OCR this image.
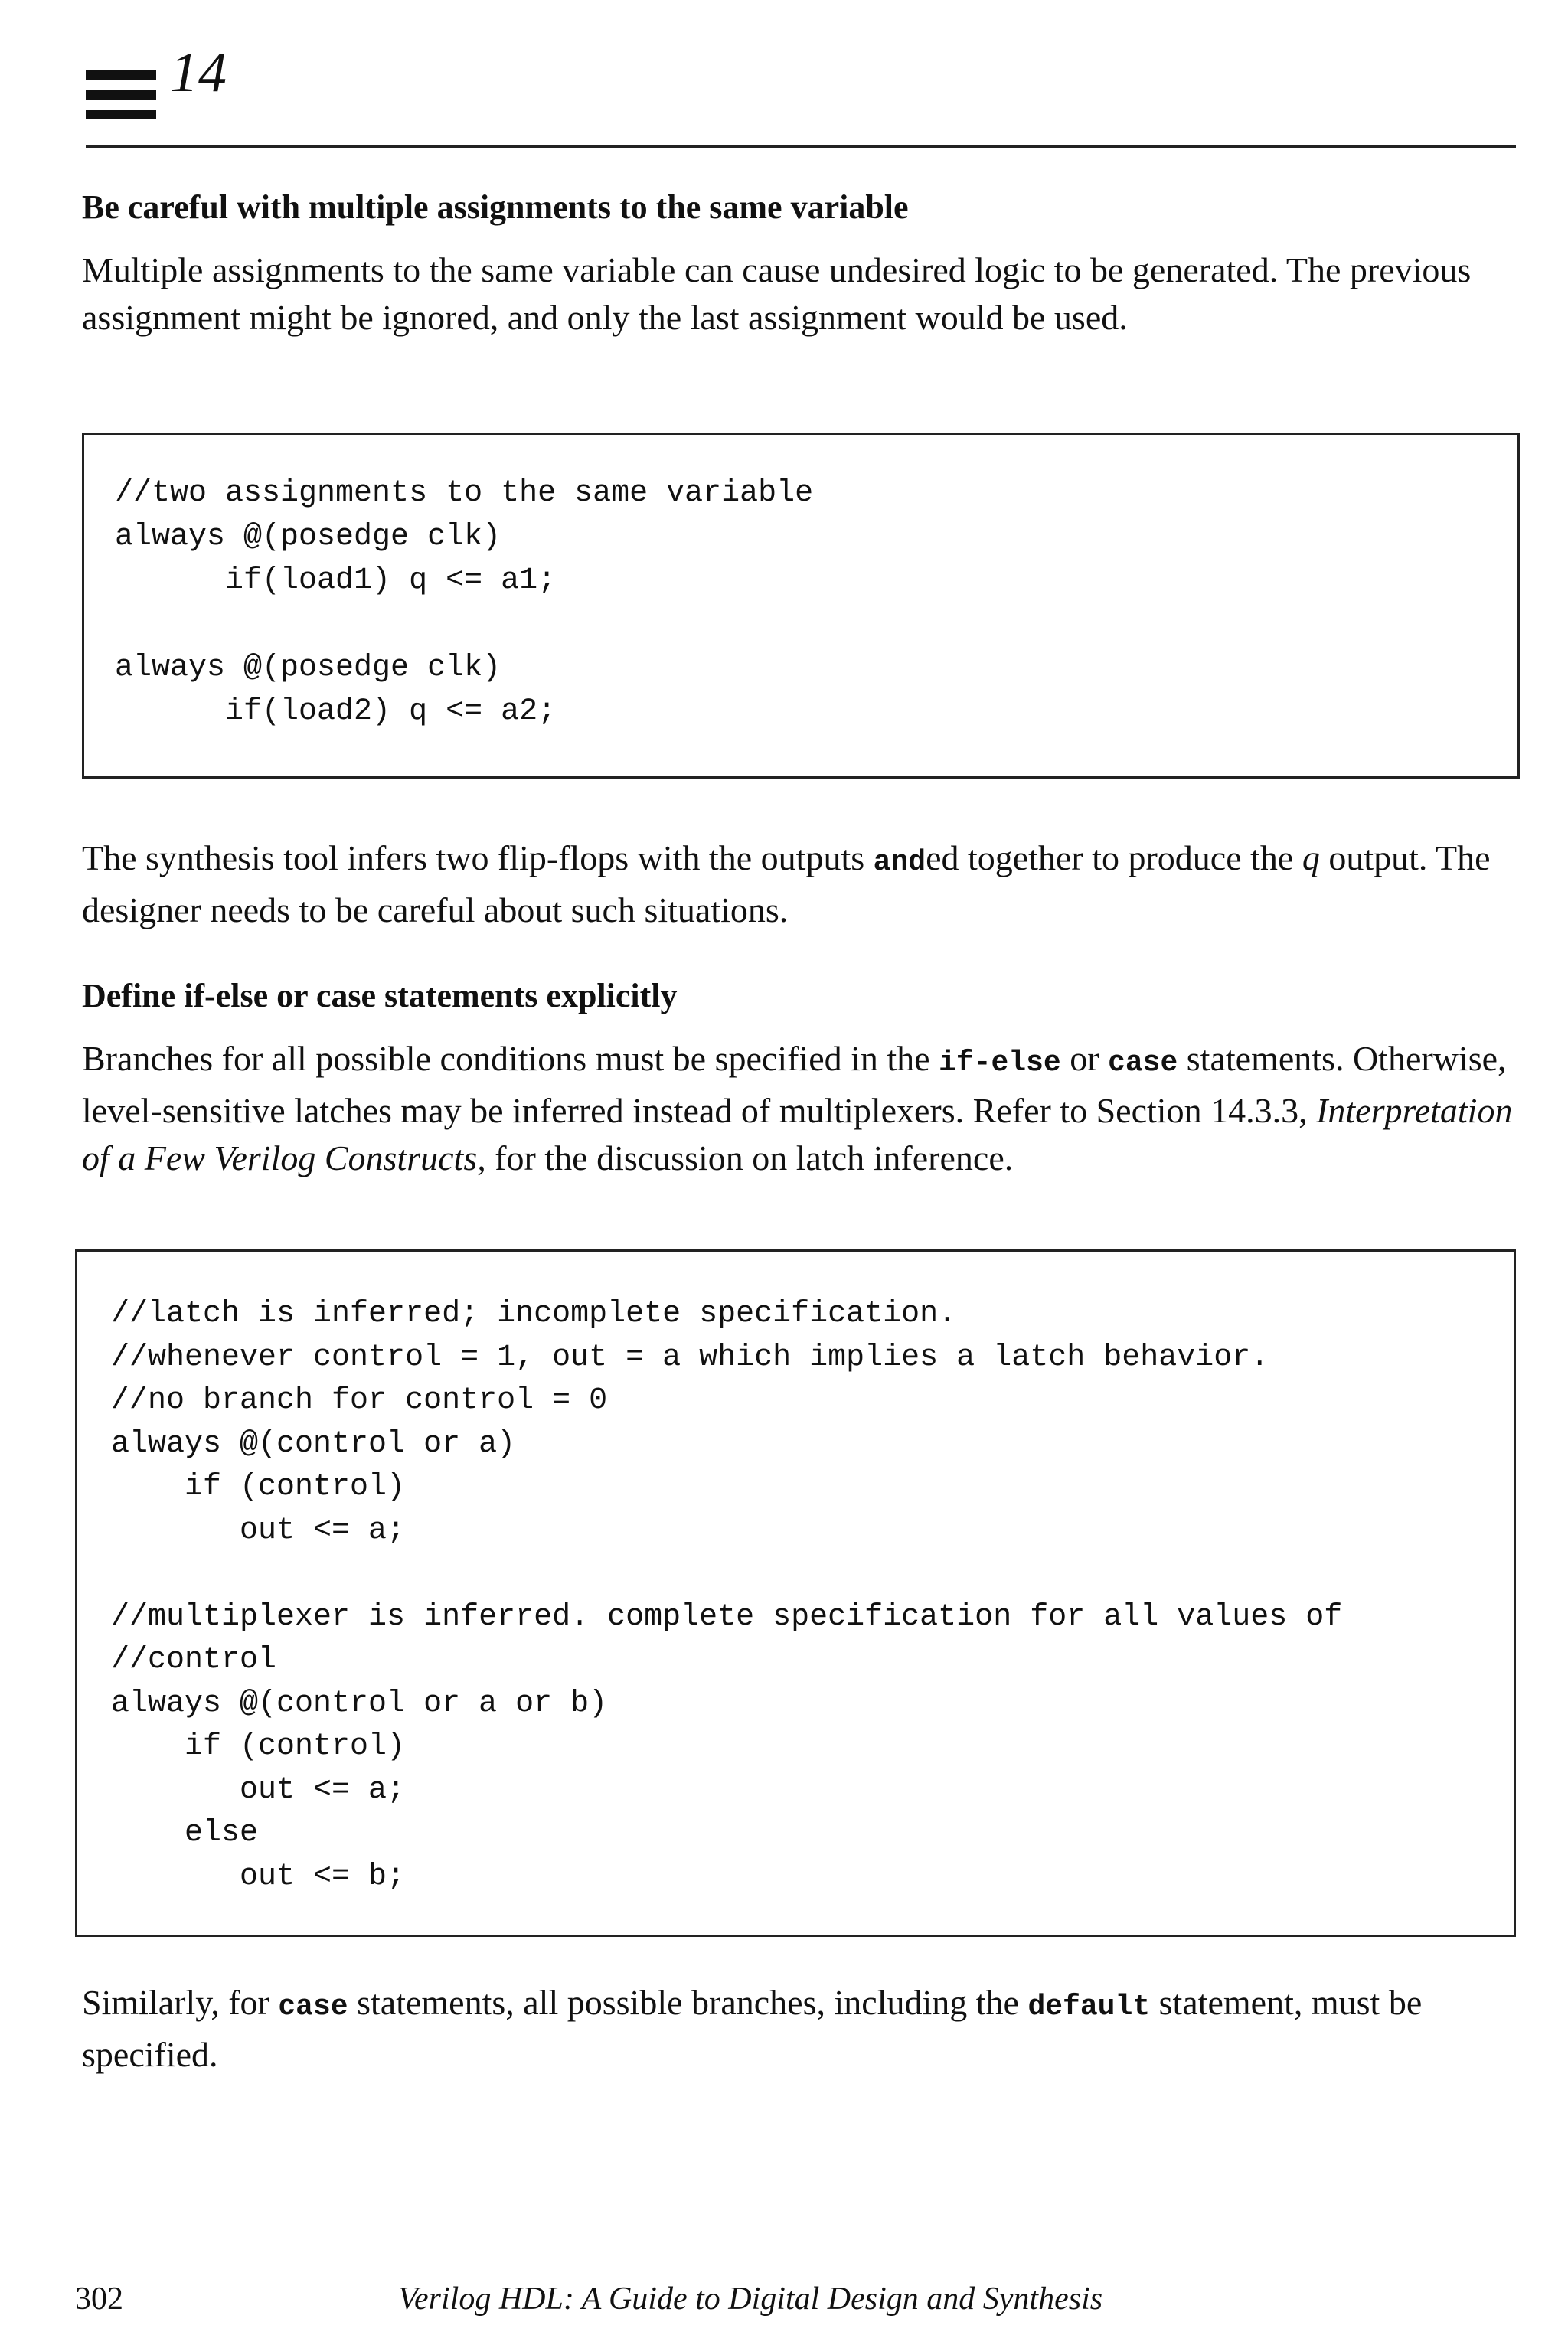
14
Be careful with multiple assignments to the same variable

Multiple assignments to the same variable can cause undesired logic to be generated. The previous assignment might be ignored, and only the last assignment would be used.

//two assignments to the same variable
always @(posedge clk)
if(load1) q <= a1;

always @(posedge clk)
if(load2) q <= a2;

The synthesis tool infers two flip-flops with the outputs anded together to produce the q output. The designer needs to be careful about such situations.

Define if-else or case statements explicitly

Branches for all possible conditions must be specified in the if-else or case statements. Otherwise, level-sensitive latches may be inferred instead of multiplexers. Refer to Section 14.3.3, Interpretation of a Few Verilog Constructs, for the discussion on latch inference.

//latch is inferred; incomplete specification.
//whenever control = 1, out = a which implies a latch behavior.
//no branch for control = 0
always @(control or a)
if (control)
out <= a;

//multiplexer is inferred. complete specification for all values of
//control
always @(control or a or b)
if (control)
out <= a;
else
out <= b;

Similarly, for case statements, all possible branches, including the default statement, must be specified.

302	Verilog HDL: A Guide to Digital Design and Synthesis
